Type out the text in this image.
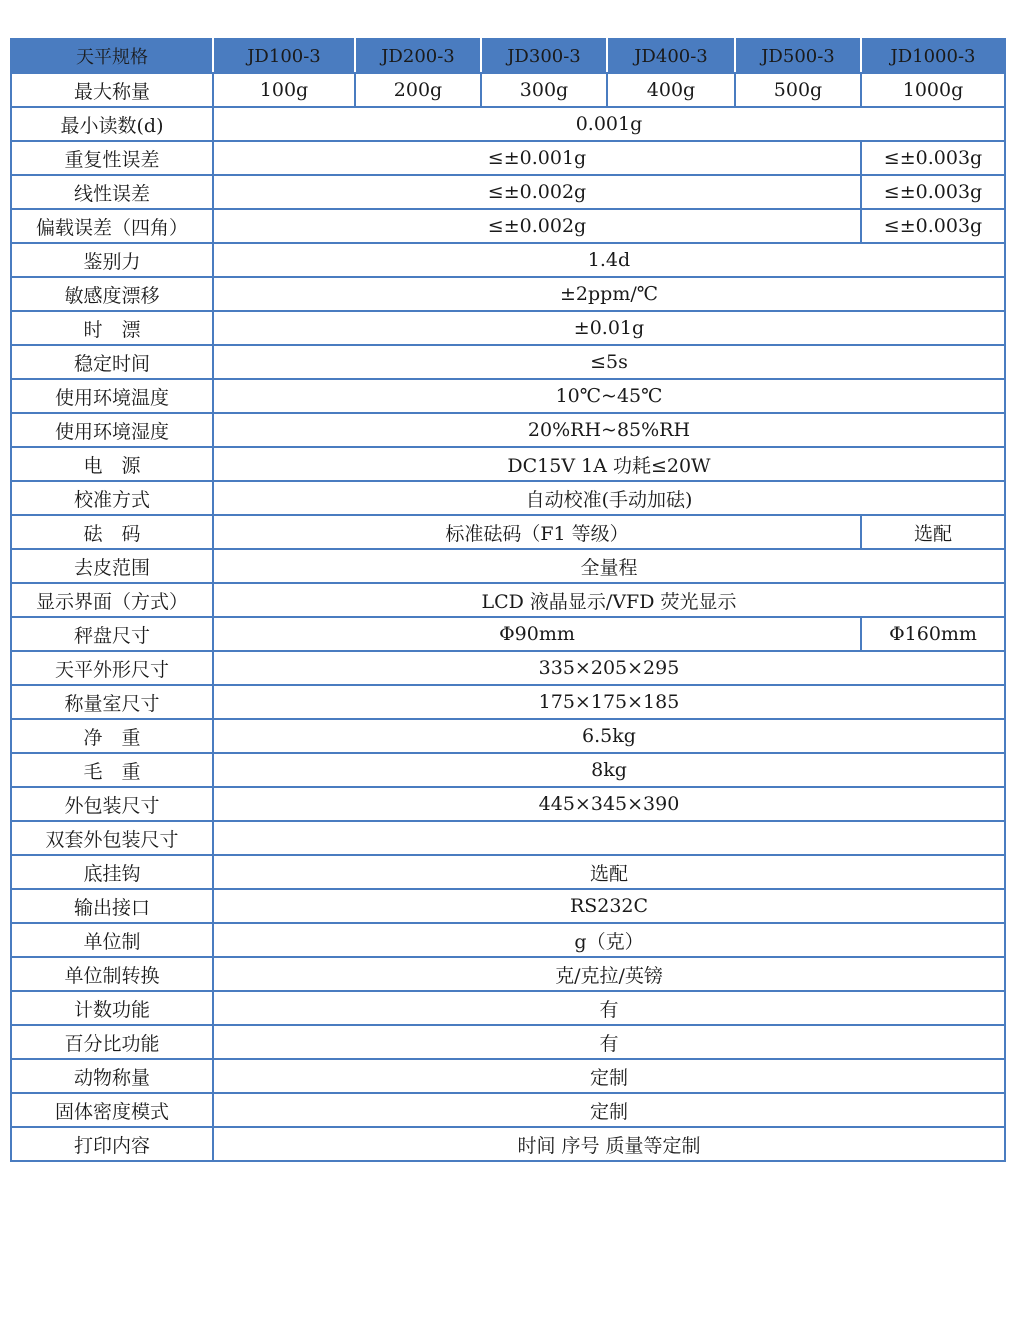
天平规格	JD100-3	JD200-3	JD300-3	JD400-3	JD500-3	JD1000-3
最大称量	100g	200g	300g	400g	500g	1000g
最小读数(d)	0.001g					
重复性误差	≤±0.001g					≤±0.003g
线性误差	≤±0.002g					≤±0.003g
偏载误差（四角）	≤±0.002g					≤±0.003g
鉴别力	1.4d					
敏感度漂移	±2ppm/℃					
时　漂	±0.01g					
稳定时间	≤5s					
使用环境温度	10℃~45℃					
使用环境湿度	20%RH~85%RH					
电　源	DC15V 1A 功耗≤20W					
校准方式	自动校准(手动加砝)					
砝　码	标准砝码（F1 等级）					选配
去皮范围	全量程					
显示界面（方式）	LCD 液晶显示/VFD 荧光显示					
秤盘尺寸	Φ90mm					Φ160mm
天平外形尺寸	335×205×295					
称量室尺寸	175×175×185					
净　重	6.5kg					
毛　重	8kg					
外包装尺寸	445×345×390					
双套外包装尺寸						
底挂钩	选配					
输出接口	RS232C					
单位制	g（克）					
单位制转换	克/克拉/英镑					
计数功能	有					
百分比功能	有					
动物称量	定制					
固体密度模式	定制					
打印内容	时间 序号 质量等定制					
